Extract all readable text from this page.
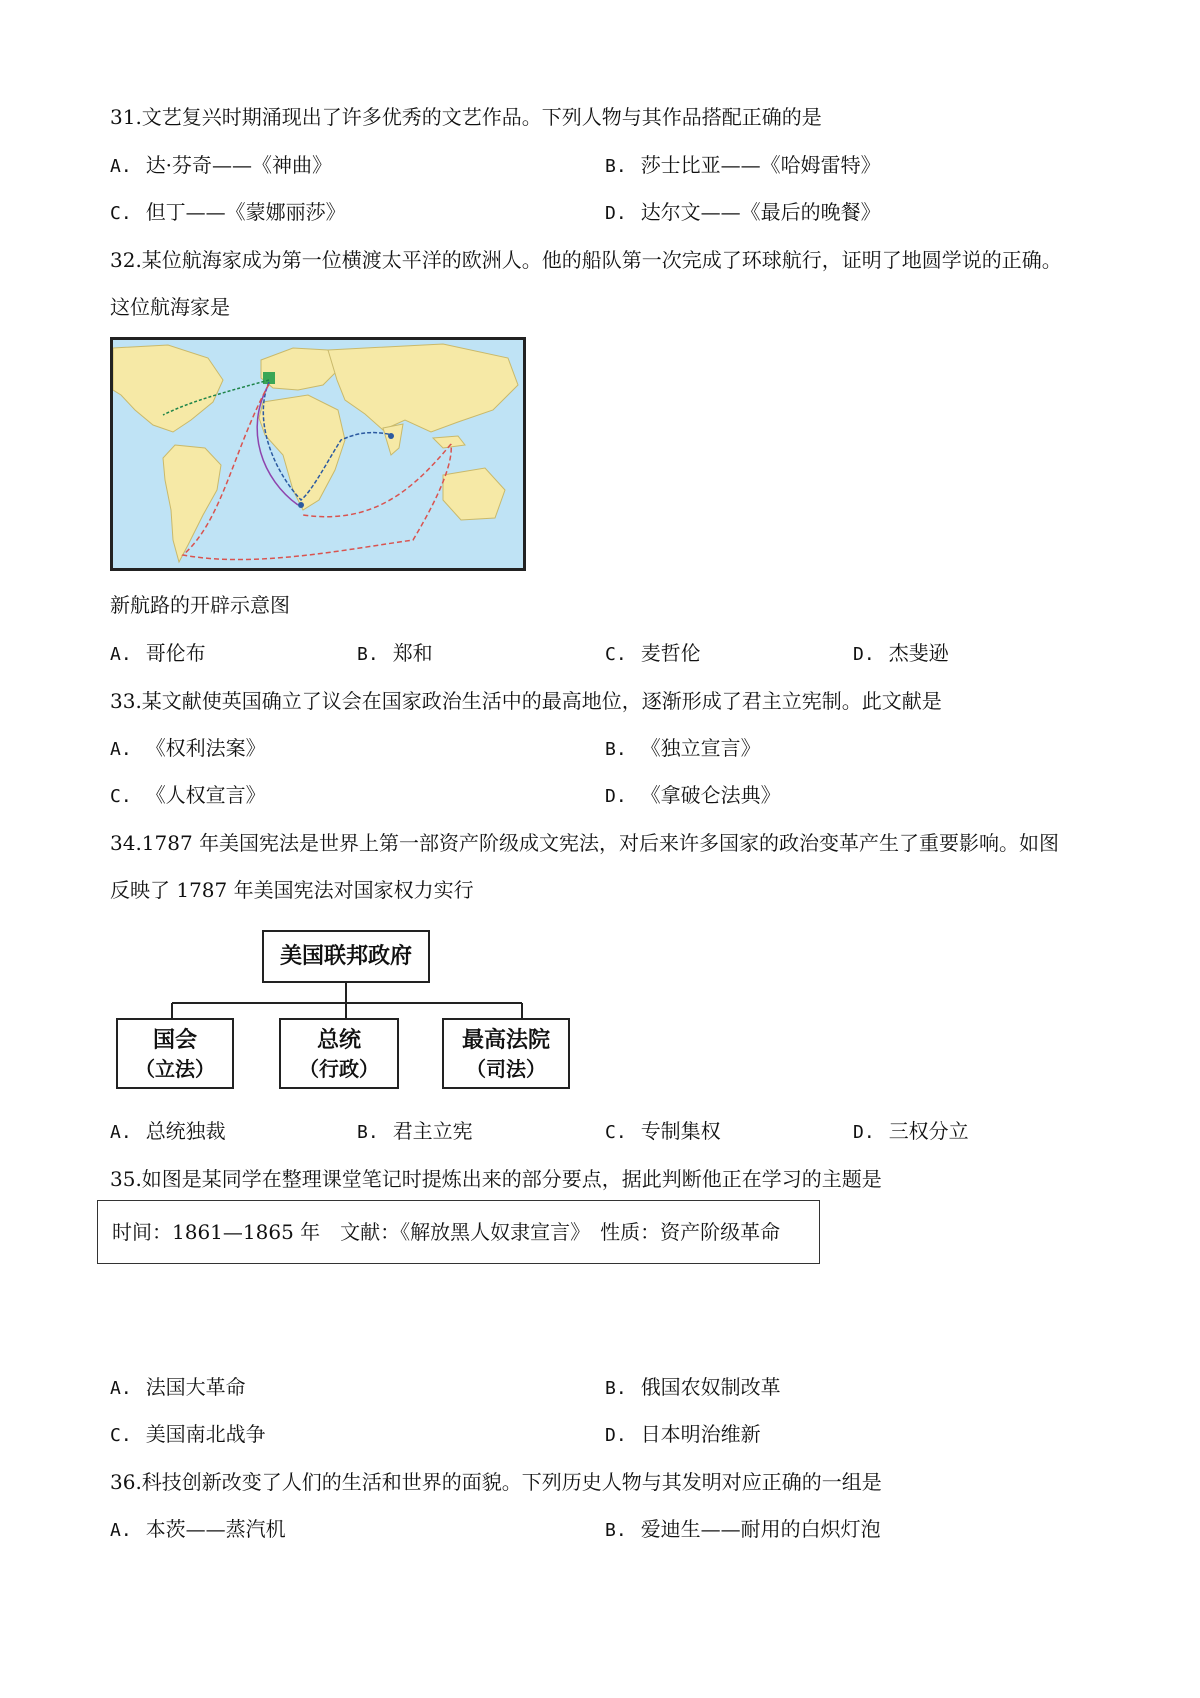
31.文艺复兴时期涌现出了许多优秀的文艺作品。下列人物与其作品搭配正确的是
A. 达·芬奇——《神曲》	B. 莎士比亚——《哈姆雷特》
C. 但丁——《蒙娜丽莎》	D. 达尔文——《最后的晚餐》
32.某位航海家成为第一位横渡太平洋的欧洲人。他的船队第一次完成了环球航行，证明了地圆学说的正确。
这位航海家是
新航路的开辟示意图
A. 哥伦布	B. 郑和	C. 麦哲伦	D. 杰斐逊
33.某文献使英国确立了议会在国家政治生活中的最高地位，逐渐形成了君主立宪制。此文献是
A. 《权利法案》	B. 《独立宣言》
C. 《人权宣言》	D. 《拿破仑法典》
34.1787 年美国宪法是世界上第一部资产阶级成文宪法，对后来许多国家的政治变革产生了重要影响。如图
反映了 1787 年美国宪法对国家权力实行
美国联邦政府
国会
（立法）
总统
（行政）
最高法院
（司法）
A. 总统独裁	B. 君主立宪	C. 专制集权	D. 三权分立
35.如图是某同学在整理课堂笔记时提炼出来的部分要点，据此判断他正在学习的主题是
时间：1861—1865 年　文献：《解放黑人奴隶宣言》　性质：资产阶级革命
A. 法国大革命	B. 俄国农奴制改革
C. 美国南北战争	D. 日本明治维新
36.科技创新改变了人们的生活和世界的面貌。下列历史人物与其发明对应正确的一组是
A. 本茨——蒸汽机	B. 爱迪生——耐用的白炽灯泡
